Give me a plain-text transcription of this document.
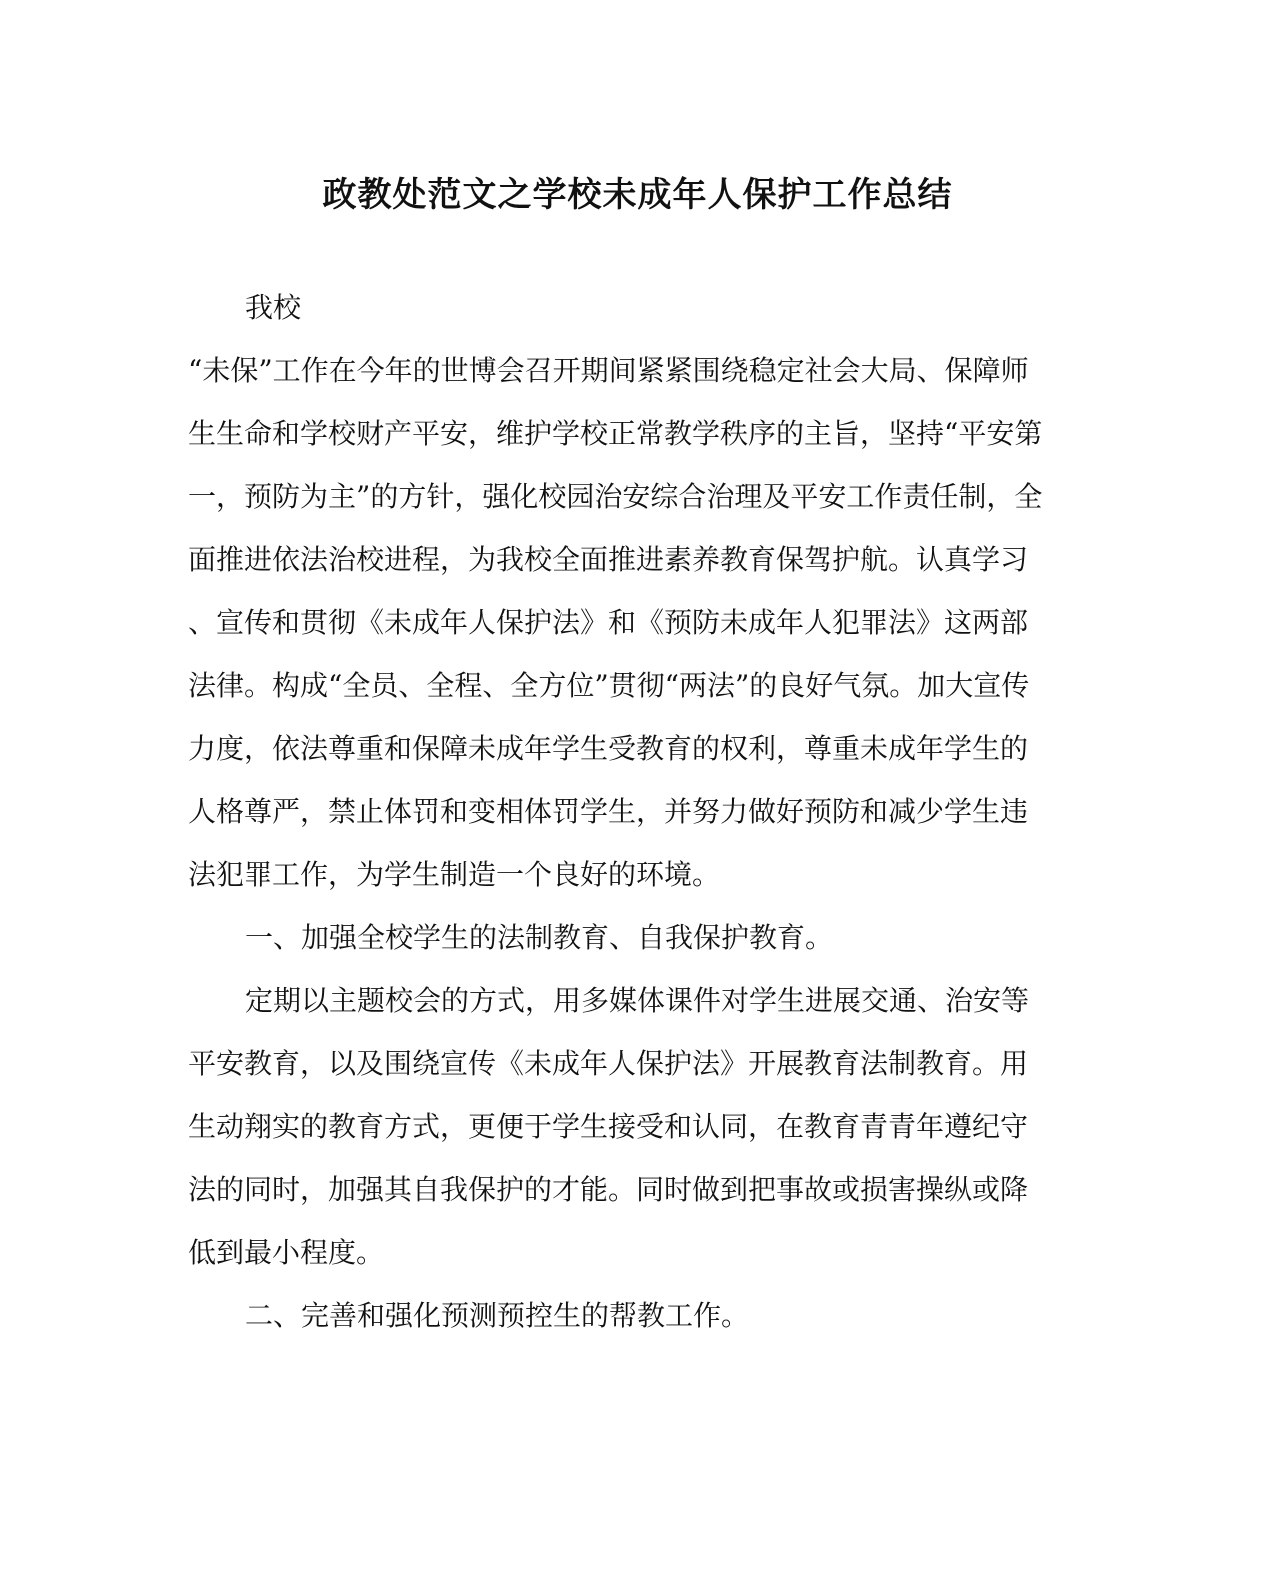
政教处范文之学校未成年人保护工作总结
我校
“未保”工作在今年的世博会召开期间紧紧围绕稳定社会大局、保障师
生生命和学校财产平安，维护学校正常教学秩序的主旨，坚持“平安第
一，预防为主”的方针，强化校园治安综合治理及平安工作责任制，全
面推进依法治校进程，为我校全面推进素养教育保驾护航。认真学习
、宣传和贯彻《未成年人保护法》和《预防未成年人犯罪法》这两部
法律。构成“全员、全程、全方位”贯彻“两法”的良好气氛。加大宣传
力度，依法尊重和保障未成年学生受教育的权利，尊重未成年学生的
人格尊严，禁止体罚和变相体罚学生，并努力做好预防和减少学生违
法犯罪工作，为学生制造一个良好的环境。
一、加强全校学生的法制教育、自我保护教育。
定期以主题校会的方式，用多媒体课件对学生进展交通、治安等
平安教育，以及围绕宣传《未成年人保护法》开展教育法制教育。用
生动翔实的教育方式，更便于学生接受和认同，在教育青青年遵纪守
法的同时，加强其自我保护的才能。同时做到把事故或损害操纵或降
低到最小程度。
二、完善和强化预测预控生的帮教工作。
